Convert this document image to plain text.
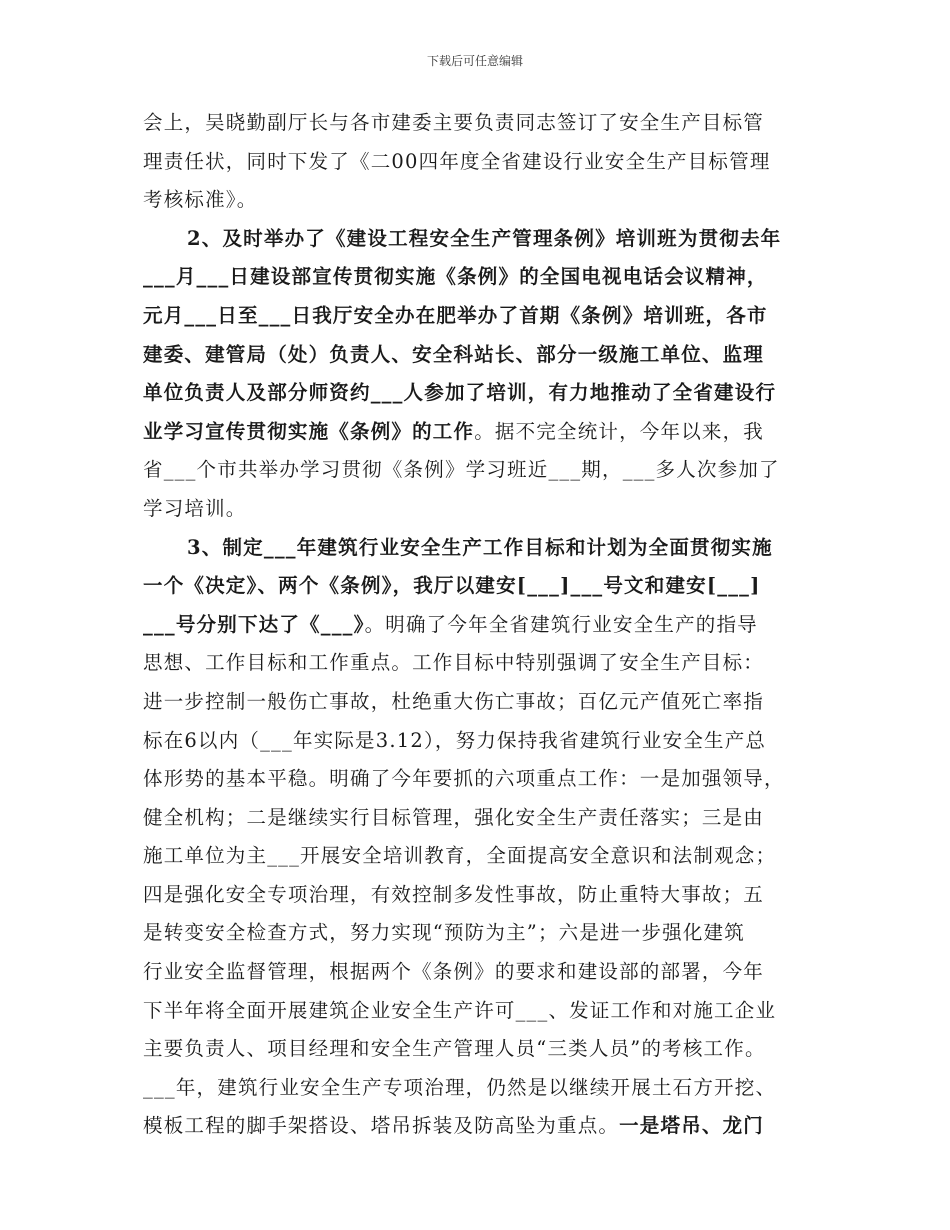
下载后可任意编辑
会上，吴晓勤副厅长与各市建委主要负责同志签订了安全生产目标管
理责任状，同时下发了《二00四年度全省建设行业安全生产目标管理
考核标准》。
2、及时举办了《建设工程安全生产管理条例》培训班为贯彻去年
___月___日建设部宣传贯彻实施《条例》的全国电视电话会议精神，
元月___日至___日我厅安全办在肥举办了首期《条例》培训班，各市
建委、建管局（处）负责人、安全科站长、部分一级施工单位、监理
单位负责人及部分师资约___人参加了培训，有力地推动了全省建设行
业学习宣传贯彻实施《条例》的工作。据不完全统计，今年以来，我
省___个市共举办学习贯彻《条例》学习班近___期，___多人次参加了
学习培训。
3、制定___年建筑行业安全生产工作目标和计划为全面贯彻实施
一个《决定》、两个《条例》，我厅以建安[___]___号文和建安[___]
___号分别下达了《___》。明确了今年全省建筑行业安全生产的指导
思想、工作目标和工作重点。工作目标中特别强调了安全生产目标：
进一步控制一般伤亡事故，杜绝重大伤亡事故；百亿元产值死亡率指
标在6以内（___年实际是3.12），努力保持我省建筑行业安全生产总
体形势的基本平稳。明确了今年要抓的六项重点工作：一是加强领导，
健全机构；二是继续实行目标管理，强化安全生产责任落实；三是由
施工单位为主___开展安全培训教育，全面提高安全意识和法制观念；
四是强化安全专项治理，有效控制多发性事故，防止重特大事故；五
是转变安全检查方式，努力实现“预防为主”；六是进一步强化建筑
行业安全监督管理，根据两个《条例》的要求和建设部的部署，今年
下半年将全面开展建筑企业安全生产许可___、发证工作和对施工企业
主要负责人、项目经理和安全生产管理人员“三类人员”的考核工作。
___年，建筑行业安全生产专项治理，仍然是以继续开展土石方开挖、
模板工程的脚手架搭设、塔吊拆装及防高坠为重点。一是塔吊、龙门
